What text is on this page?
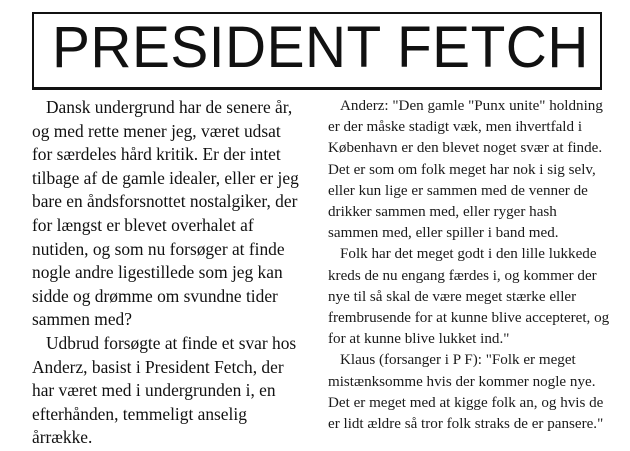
PRESIDENT FETCH

Dansk undergrund har de senere år, og med rette mener jeg, været udsat for særdeles hård kritik. Er der intet tilbage af de gamle idealer, eller er jeg bare en åndsforsnottet nostalgiker, der for længst er blevet overhalet af nutiden, og som nu forsøger at finde nogle andre ligestillede som jeg kan sidde og drømme om svundne tider sammen med?

Udbrud forsøgte at finde et svar hos Anderz, basist i President Fetch, der har været med i undergrunden i, en efterhånden, temmeligt anselig årrække.

Anderz: "Den gamle "Punx unite" holdning er der måske stadigt væk, men ihvertfald i København er den blevet noget svær at finde. Det er som om folk meget har nok i sig selv, eller kun lige er sammen med de venner de drikker sammen med, eller ryger hash sammen med, eller spiller i band med.

Folk har det meget godt i den lille lukkede kreds de nu engang færdes i, og kommer der nye til så skal de være meget stærke eller frembrusende for at kunne blive accepteret, og for at kunne blive lukket ind."

Klaus (forsanger i P F): "Folk er meget mistænksomme hvis der kommer nogle nye. Det er meget med at kigge folk an, og hvis de er lidt ældre så tror folk straks de er pansere."
